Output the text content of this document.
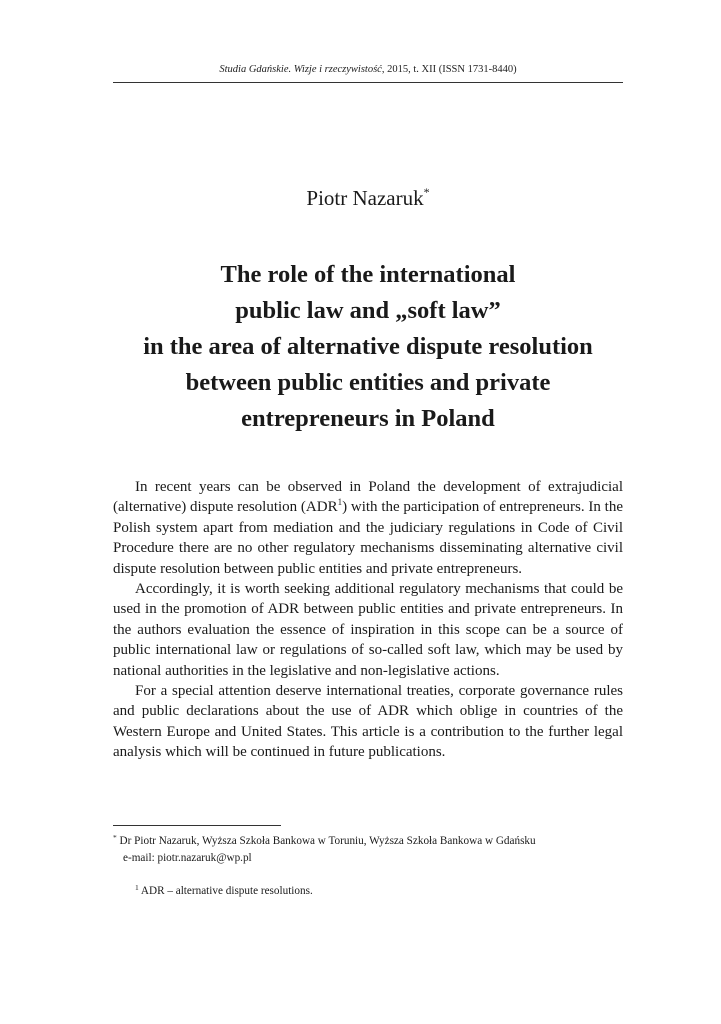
Studia Gdańskie. Wizje i rzeczywistość, 2015, t. XII (ISSN 1731-8440)
Piotr Nazaruk*
The role of the international
public law and „soft law”
in the area of alternative dispute resolution
between public entities and private
entrepreneurs in Poland

In recent years can be observed in Poland the development of extrajudicial (alternative) dispute resolution (ADR$^1$) with the participation of entrepreneurs. In the Polish system apart from mediation and the judiciary regulations in Code of Civil Procedure there are no other regulatory mechanisms disseminating alternative civil dispute resolution between public entities and private entrepreneurs.

Accordingly, it is worth seeking additional regulatory mechanisms that could be used in the promotion of ADR between public entities and private entrepreneurs. In the authors evaluation the essence of inspiration in this scope can be a source of public international law or regulations of so-called soft law, which may be used by national authorities in the legislative and non-legislative actions.

For a special attention deserve international treaties, corporate governance rules and public declarations about the use of ADR which oblige in countries of the Western Europe and United States. This article is a contribution to the further legal analysis which will be continued in future publications.

* Dr Piotr Nazaruk, Wyższa Szkoła Bankowa w Toruniu, Wyższa Szkoła Bankowa w Gdańsku
e-mail: piotr.nazaruk@wp.pl
$^1$ ADR – alternative dispute resolutions.
